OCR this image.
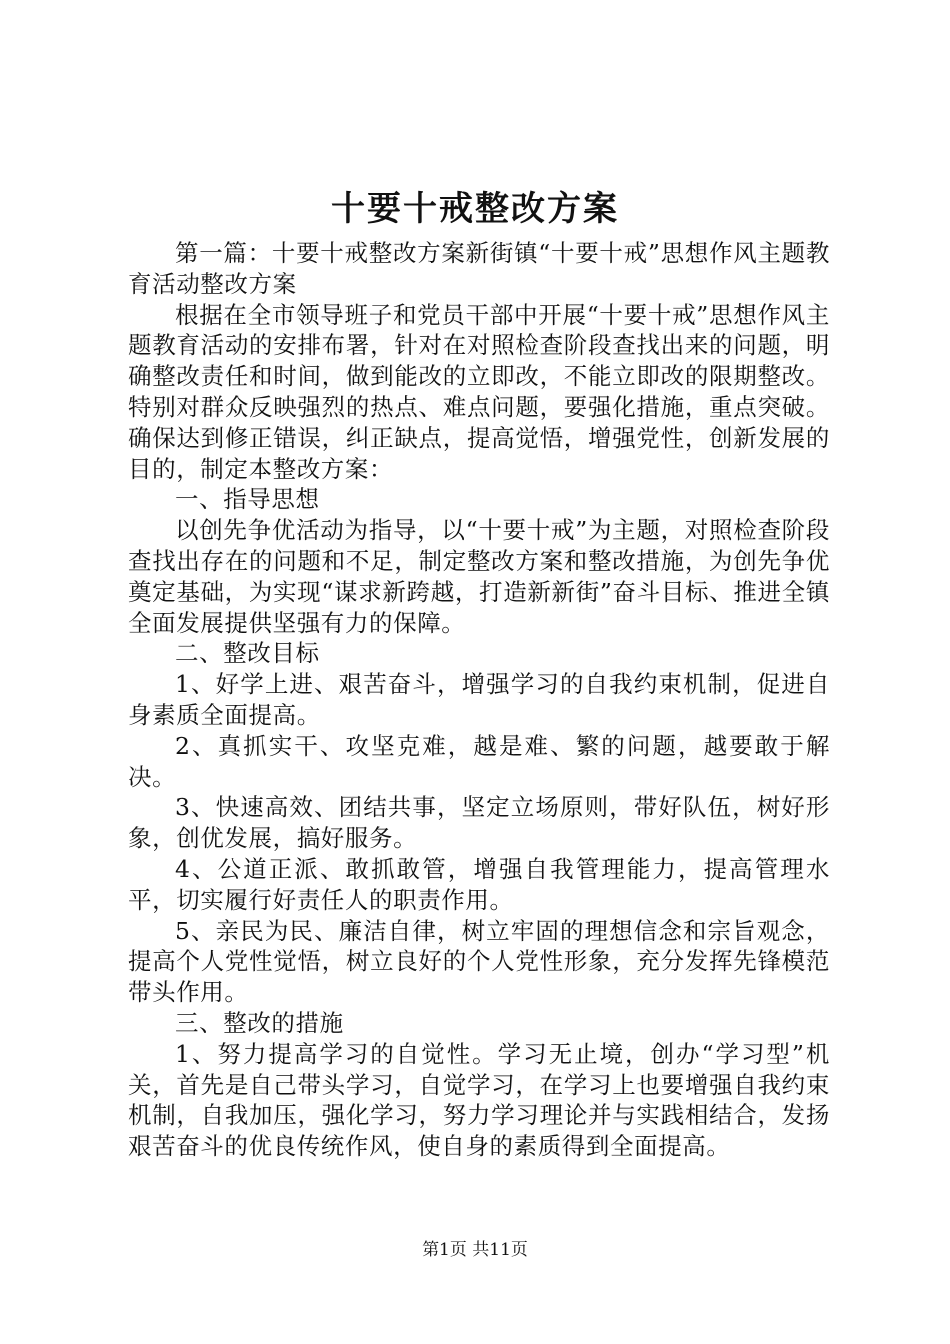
十要十戒整改方案

第一篇：十要十戒整改方案新街镇“十要十戒”思想作风主题教育活动整改方案

根据在全市领导班子和党员干部中开展“十要十戒”思想作风主题教育活动的安排布署，针对在对照检查阶段查找出来的问题，明确整改责任和时间，做到能改的立即改，不能立即改的限期整改。特别对群众反映强烈的热点、难点问题，要强化措施，重点突破。确保达到修正错误，纠正缺点，提高觉悟，增强党性，创新发展的目的，制定本整改方案：

一、指导思想

以创先争优活动为指导，以“十要十戒”为主题，对照检查阶段查找出存在的问题和不足，制定整改方案和整改措施，为创先争优奠定基础，为实现“谋求新跨越，打造新新街”奋斗目标、推进全镇全面发展提供坚强有力的保障。

二、整改目标

1、好学上进、艰苦奋斗，增强学习的自我约束机制，促进自身素质全面提高。

2、真抓实干、攻坚克难，越是难、繁的问题，越要敢于解决。

3、快速高效、团结共事，坚定立场原则，带好队伍，树好形象，创优发展，搞好服务。

4、公道正派、敢抓敢管，增强自我管理能力，提高管理水平，切实履行好责任人的职责作用。

5、亲民为民、廉洁自律，树立牢固的理想信念和宗旨观念，提高个人党性觉悟，树立良好的个人党性形象，充分发挥先锋模范带头作用。

三、整改的措施

1、努力提高学习的自觉性。学习无止境，创办“学习型”机关，首先是自己带头学习，自觉学习，在学习上也要增强自我约束机制，自我加压，强化学习，努力学习理论并与实践相结合，发扬艰苦奋斗的优良传统作风，使自身的素质得到全面提高。

第1页 共11页
